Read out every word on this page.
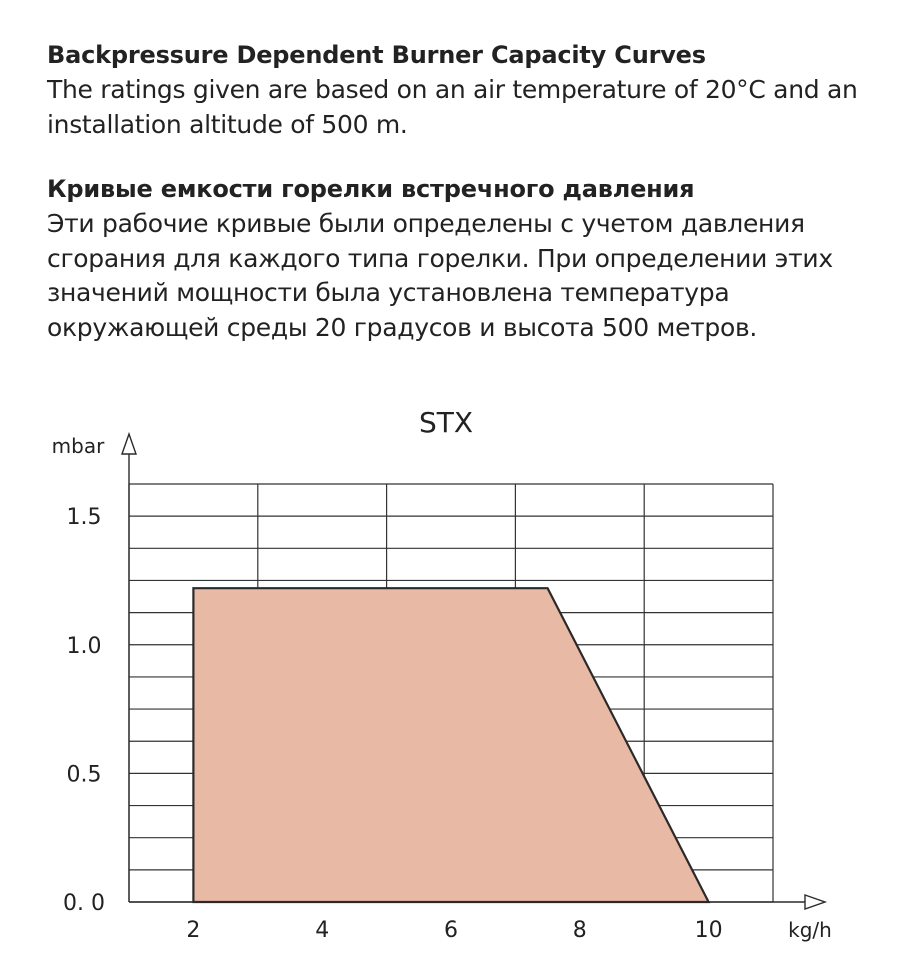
Backpressure Dependent Burner Capacity Curves
The ratings given are based on an air temperature of 20°C and an installation altitude of 500 m.
Кривые емкости горелки встречного давления
Эти рабочие кривые были определены с учетом давления сгорания для каждого типа горелки. При определении этих значений мощности была установлена температура окружающей среды 20 градусов и высота 500 метров.
STX
mbar
kg/h
2	4	6	8	10
0. 0
0.5
1.0
1.5
